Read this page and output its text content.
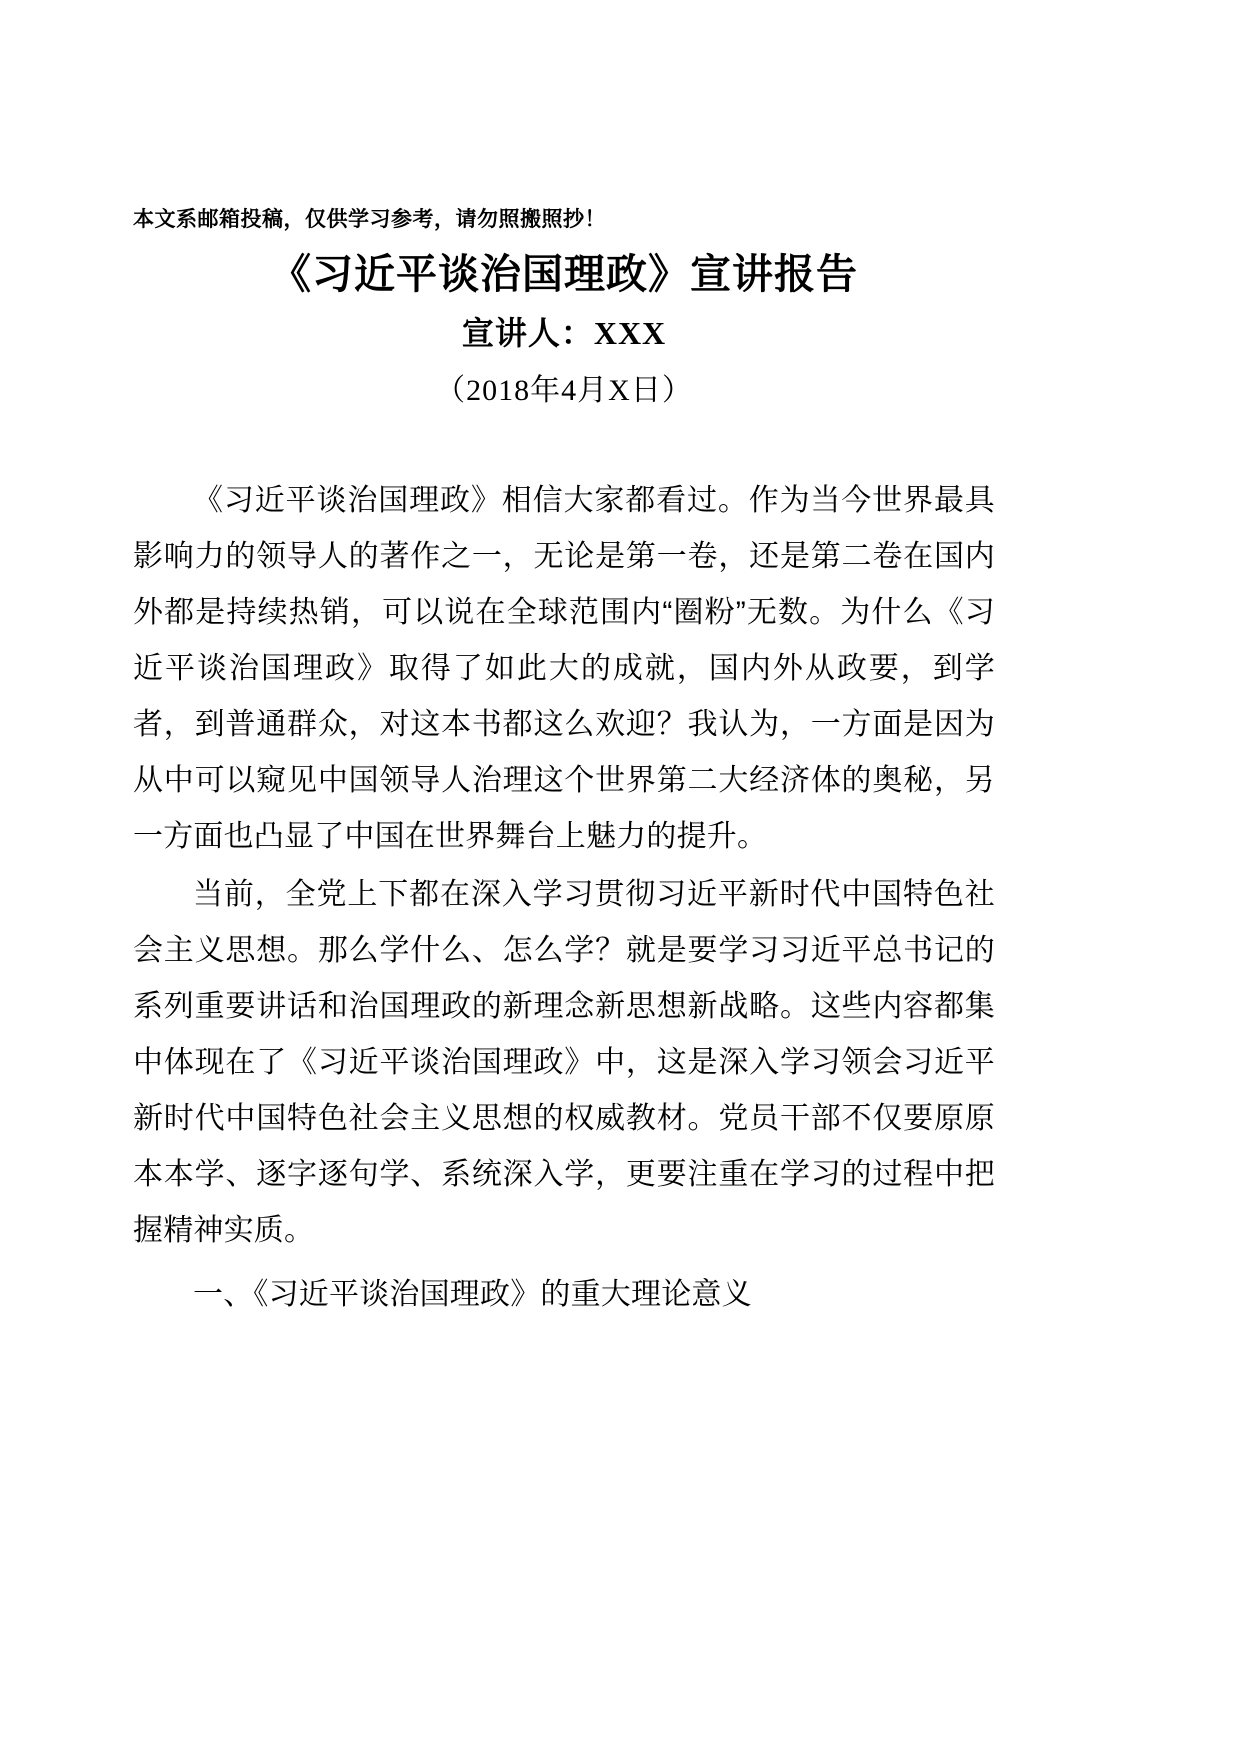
本文系邮箱投稿，仅供学习参考，请勿照搬照抄！
《习近平谈治国理政》宣讲报告
宣讲人：XXX
（2018年4月X日）

《习近平谈治国理政》相信大家都看过。作为当今世界最具影响力的领导人的著作之一，无论是第一卷，还是第二卷在国内外都是持续热销，可以说在全球范围内“圈粉”无数。为什么《习近平谈治国理政》取得了如此大的成就，国内外从政要，到学者，到普通群众，对这本书都这么欢迎？我认为，一方面是因为从中可以窥见中国领导人治理这个世界第二大经济体的奥秘，另一方面也凸显了中国在世界舞台上魅力的提升。

当前，全党上下都在深入学习贯彻习近平新时代中国特色社会主义思想。那么学什么、怎么学？就是要学习习近平总书记的系列重要讲话和治国理政的新理念新思想新战略。这些内容都集中体现在了《习近平谈治国理政》中，这是深入学习领会习近平新时代中国特色社会主义思想的权威教材。党员干部不仅要原原本本学、逐字逐句学、系统深入学，更要注重在学习的过程中把握精神实质。

一、《习近平谈治国理政》的重大理论意义
